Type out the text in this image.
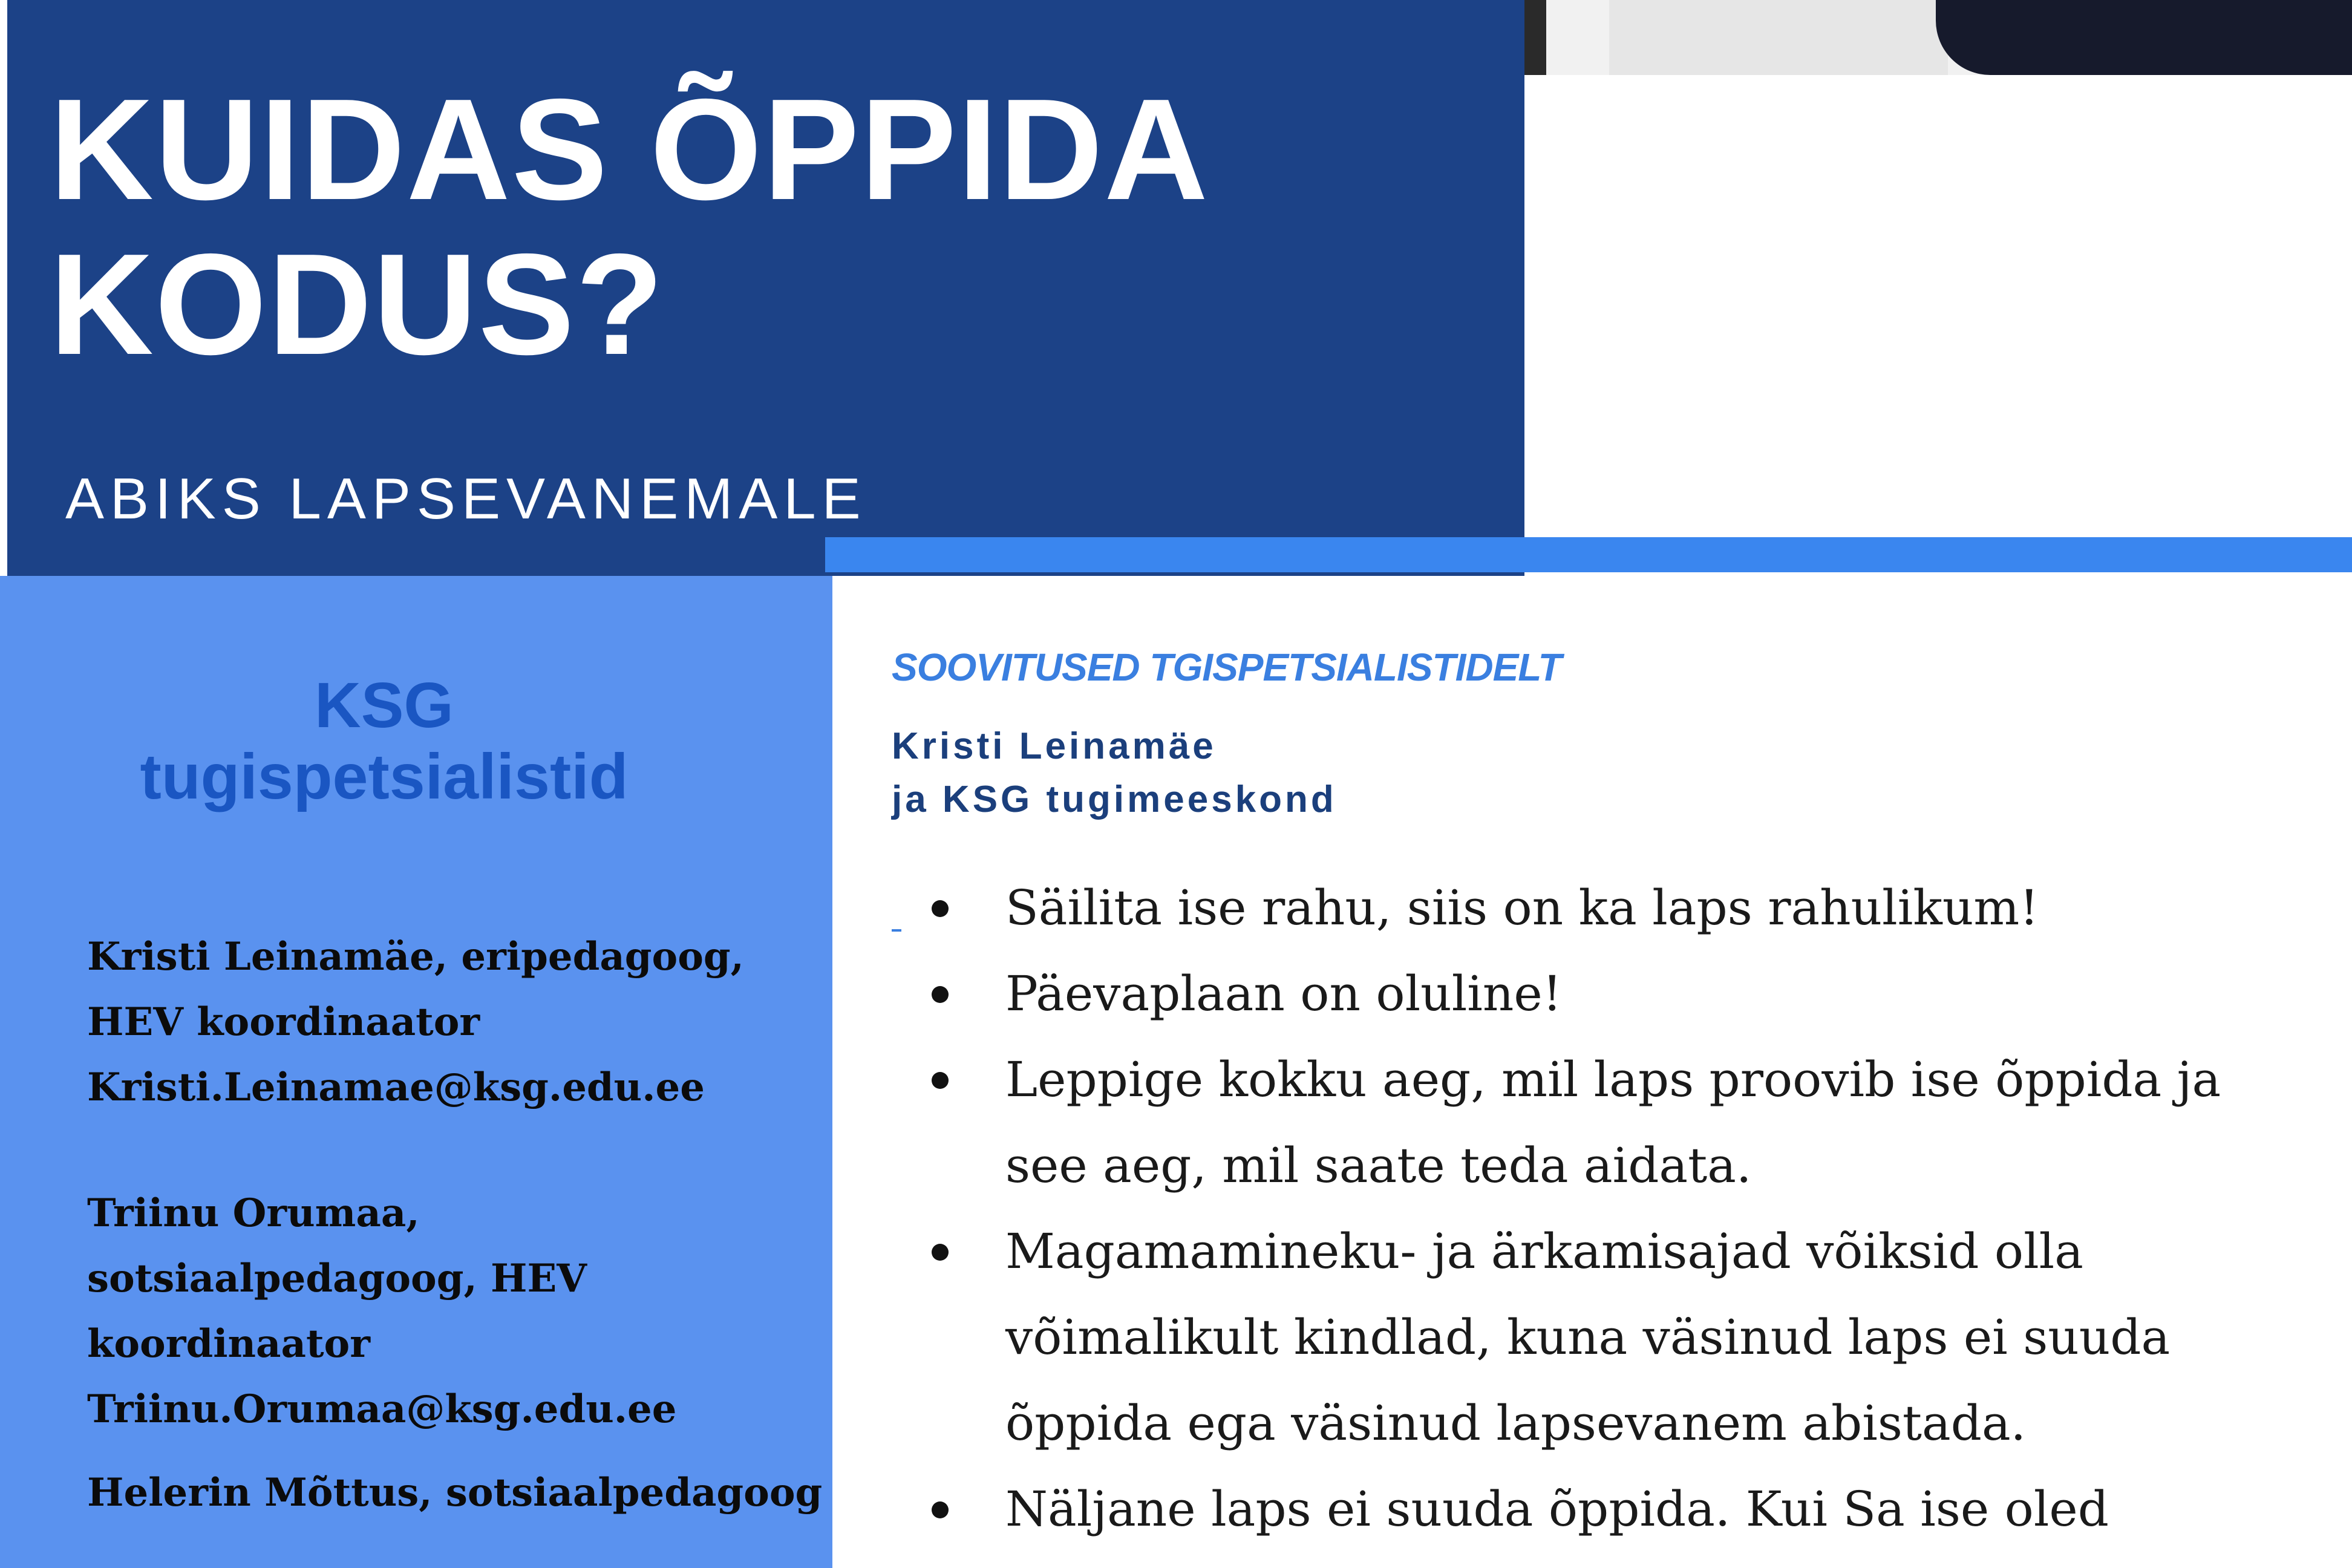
KUIDAS ÕPPIDA
KODUS?

ABIKS LAPSEVANEMALE

KSG
tugispetsialistid
Kristi Leinamäe, eripedagoog,
HEV koordinaator
Kristi.Leinamae@ksg.edu.ee
Triinu Orumaa,
sotsiaalpedagoog, HEV
koordinaator
Triinu.Orumaa@ksg.edu.ee
Helerin Mõttus, sotsiaalpedagoog
SOOVITUSED TGISPETSIALISTIDELT

Kristi Leinamäe
ja KSG tugimeeskond

Säilita ise rahu, siis on ka laps rahulikum!
Päevaplaan on oluline!
Leppige kokku aeg, mil laps proovib ise õppida ja see aeg, mil saate teda aidata.
Magamamineku- ja ärkamisajad võiksid olla võimalikult kindlad, kuna väsinud laps ei suuda õppida ega väsinud lapsevanem abistada.
Näljane laps ei suuda õppida. Kui Sa ise oled
